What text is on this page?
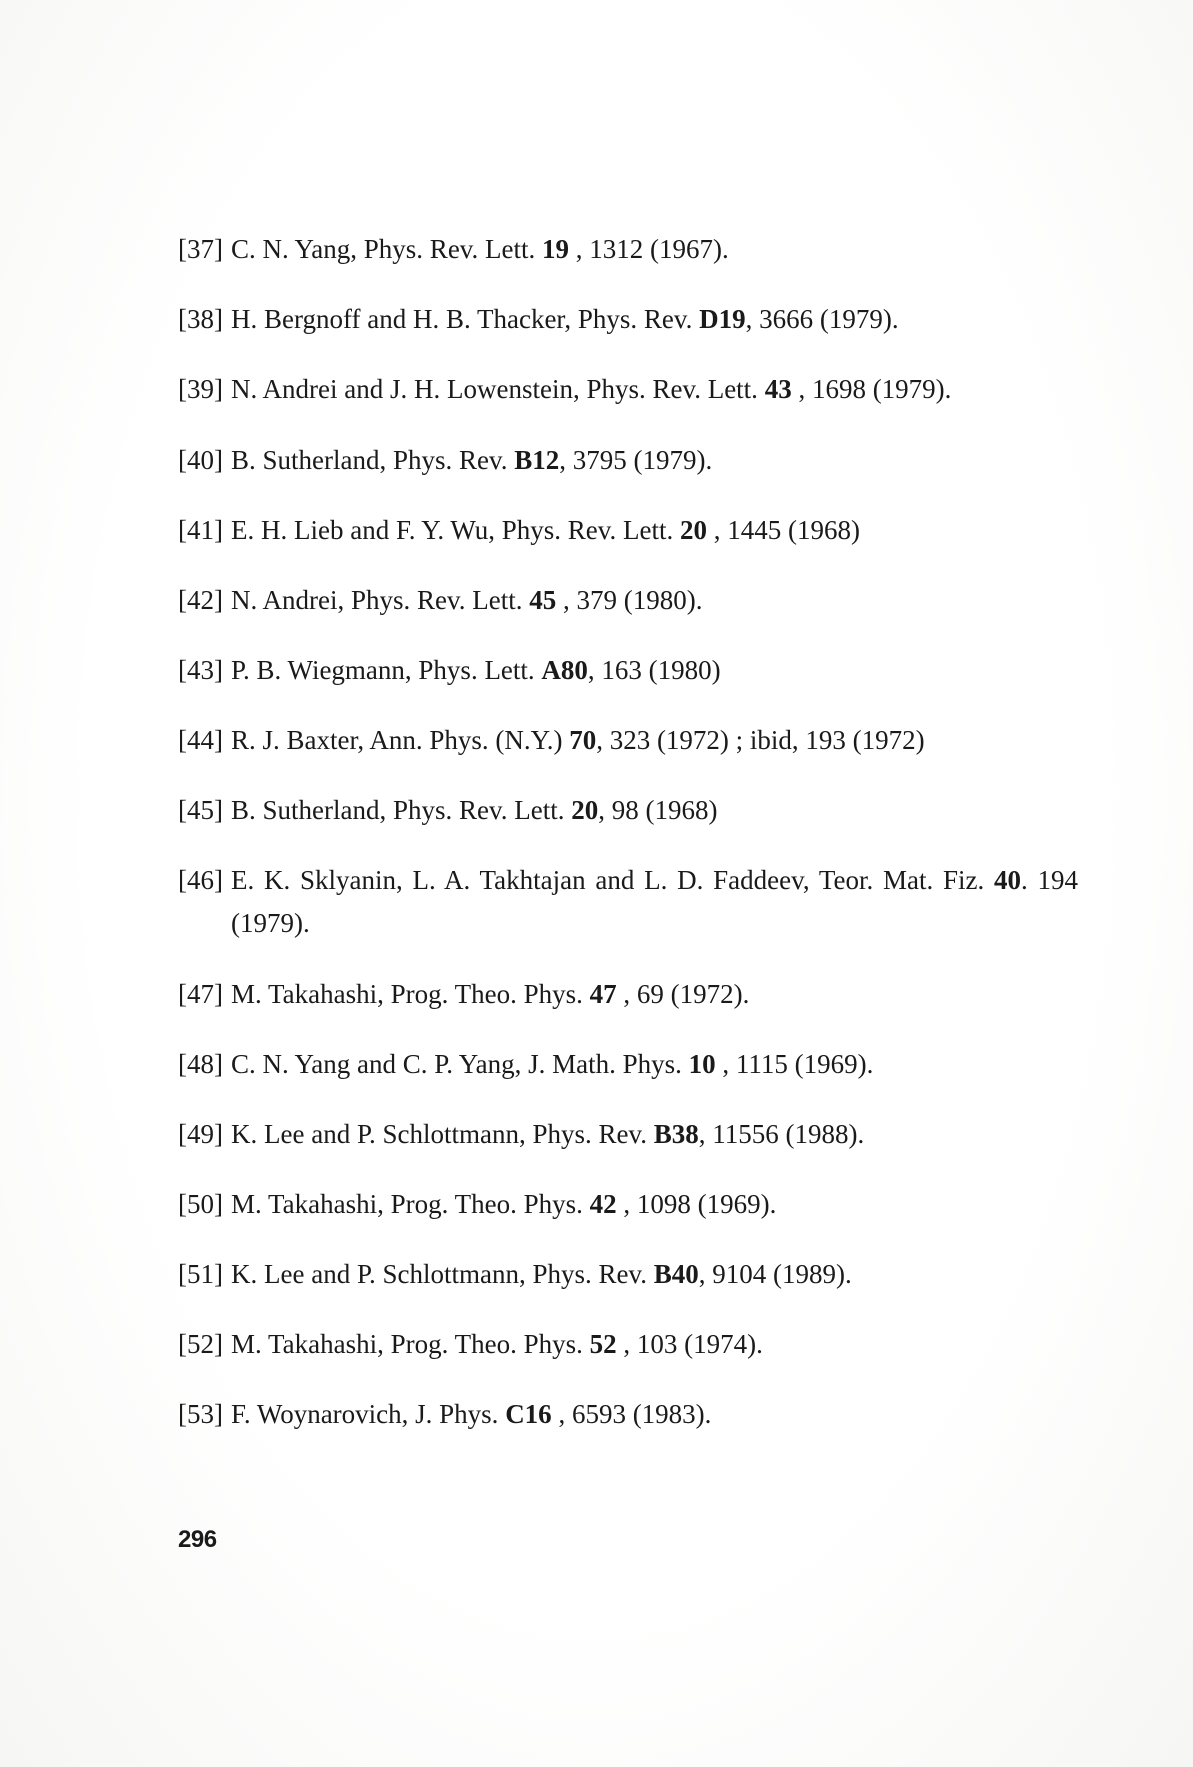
[37] C. N. Yang, Phys. Rev. Lett. 19 , 1312 (1967).
[38] H. Bergnoff and H. B. Thacker, Phys. Rev. D19, 3666 (1979).
[39] N. Andrei and J. H. Lowenstein, Phys. Rev. Lett. 43 , 1698 (1979).
[40] B. Sutherland, Phys. Rev. B12, 3795 (1979).
[41] E. H. Lieb and F. Y. Wu, Phys. Rev. Lett. 20 , 1445 (1968)
[42] N. Andrei, Phys. Rev. Lett. 45 , 379 (1980).
[43] P. B. Wiegmann, Phys. Lett. A80, 163 (1980)
[44] R. J. Baxter, Ann. Phys. (N.Y.) 70, 323 (1972) ; ibid, 193 (1972)
[45] B. Sutherland, Phys. Rev. Lett. 20, 98 (1968)
[46] E. K. Sklyanin, L. A. Takhtajan and L. D. Faddeev, Teor. Mat. Fiz. 40. 194 (1979).
[47] M. Takahashi, Prog. Theo. Phys. 47 , 69 (1972).
[48] C. N. Yang and C. P. Yang, J. Math. Phys. 10 , 1115 (1969).
[49] K. Lee and P. Schlottmann, Phys. Rev. B38, 11556 (1988).
[50] M. Takahashi, Prog. Theo. Phys. 42 , 1098 (1969).
[51] K. Lee and P. Schlottmann, Phys. Rev. B40, 9104 (1989).
[52] M. Takahashi, Prog. Theo. Phys. 52 , 103 (1974).
[53] F. Woynarovich, J. Phys. C16 , 6593 (1983).
296
